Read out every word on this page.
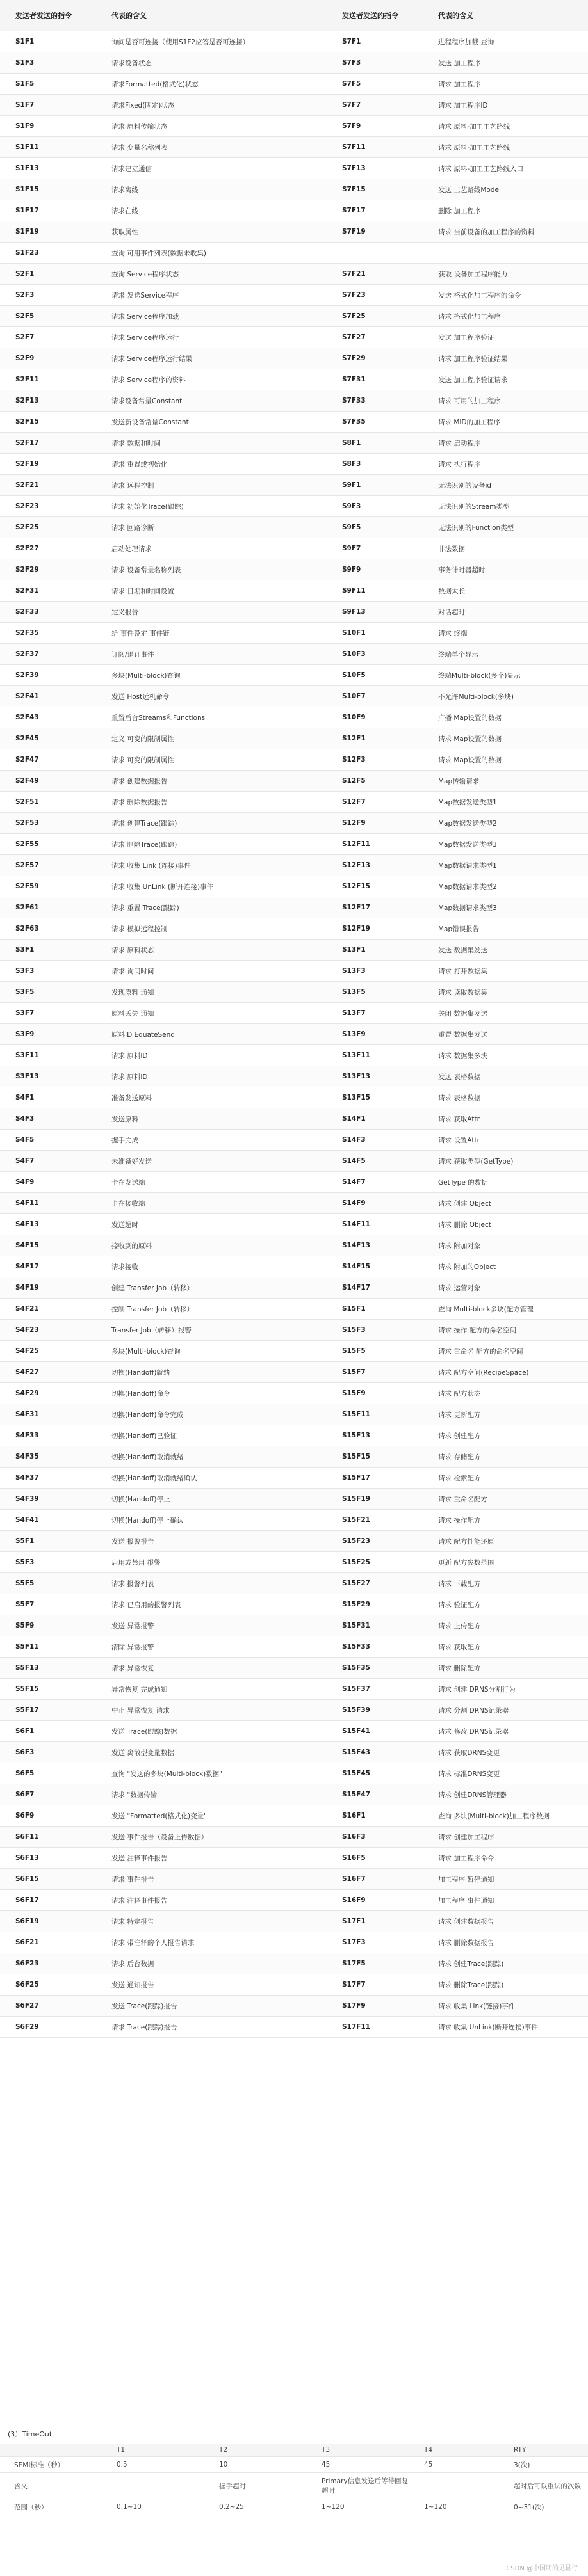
发送者发送的指令	代表的含义	发送者发送的指令	代表的含义
S1F1	询问是否可连接（使用S1F2应答是否可连接）	S7F1	进程程序加载 查询
S1F3	请求设备状态	S7F3	发送 加工程序
S1F5	请求Formatted(格式化)状态	S7F5	请求 加工程序
S1F7	请求Fixed(固定)状态	S7F7	请求 加工程序ID
S1F9	请求 原料传输状态	S7F9	请求 原料-加工工艺路线
S1F11	请求 变量名称列表	S7F11	请求 原料-加工工艺路线
S1F13	请求建立通信	S7F13	请求 原料-加工工艺路线入口
S1F15	请求离线	S7F15	发送 工艺路线Mode
S1F17	请求在线	S7F17	删除 加工程序
S1F19	获取属性	S7F19	请求 当前设备的加工程序的资料
S1F23	查询 可用事件列表(数据未收集)		
S2F1	查询 Service程序状态	S7F21	获取 设备加工程序能力
S2F3	请求 发送Service程序	S7F23	发送 格式化加工程序的命令
S2F5	请求 Service程序加载	S7F25	请求 格式化加工程序
S2F7	请求 Service程序运行	S7F27	发送 加工程序验证
S2F9	请求 Service程序运行结果	S7F29	请求 加工程序验证结果
S2F11	请求 Service程序的资料	S7F31	发送 加工程序验证请求
S2F13	请求设备常量Constant	S7F33	请求 可用的加工程序
S2F15	发送新设备常量Constant	S7F35	请求 MID的加工程序
S2F17	请求 数据和时间	S8F1	请求 启动程序
S2F19	请求 重置或初始化	S8F3	请求 执行程序
S2F21	请求 远程控制	S9F1	无法识别的设备id
S2F23	请求 初始化Trace(跟踪)	S9F3	无法识别的Stream类型
S2F25	请求 回路诊断	S9F5	无法识别的Function类型
S2F27	启动处理请求	S9F7	非法数据
S2F29	请求 设备常量名称列表	S9F9	事务计时器超时
S2F31	请求 日期和时间设置	S9F11	数据太长
S2F33	定义报告	S9F13	对话超时
S2F35	给 事件设定 事件链	S10F1	请求 终端
S2F37	订阅/退订事件	S10F3	终端单个显示
S2F39	多块(Multi-block)查询	S10F5	终端Multi-block(多个)显示
S2F41	发送 Host远机命令	S10F7	不允许Multi-block(多块)
S2F43	重置后台Streams和Functions	S10F9	广播 Map设置的数据
S2F45	定义 可变的限制属性	S12F1	请求 Map设置的数据
S2F47	请求 可变的限制属性	S12F3	请求 Map设置的数据
S2F49	请求 创建数据报告	S12F5	Map传输请求
S2F51	请求 删除数据报告	S12F7	Map数据发送类型1
S2F53	请求 创建Trace(跟踪)	S12F9	Map数据发送类型2
S2F55	请求 删除Trace(跟踪)	S12F11	Map数据发送类型3
S2F57	请求 收集 Link (连接)事件	S12F13	Map数据请求类型1
S2F59	请求 收集 UnLink (断开连接)事件	S12F15	Map数据请求类型2
S2F61	请求 重置 Trace(跟踪)	S12F17	Map数据请求类型3
S2F63	请求 模拟远程控制	S12F19	Map错误报告
S3F1	请求 原料状态	S13F1	发送 数据集发送
S3F3	请求 询问时间	S13F3	请求 打开数据集
S3F5	发现原料 通知	S13F5	请求 读取数据集
S3F7	原料丢失 通知	S13F7	关闭 数据集发送
S3F9	原料ID EquateSend	S13F9	重置 数据集发送
S3F11	请求 原料ID	S13F11	请求 数据集多块
S3F13	请求 原料ID	S13F13	发送 表格数据
S4F1	准备发送原料	S13F15	请求 表格数据
S4F3	发送原料	S14F1	请求 获取Attr
S4F5	握手完成	S14F3	请求 设置Attr
S4F7	未准备好发送	S14F5	请求 获取类型(GetType)
S4F9	卡在发送端	S14F7	GetType 的数据
S4F11	卡在接收端	S14F9	请求 创建 Object
S4F13	发送超时	S14F11	请求 删除 Object
S4F15	接收到的原料	S14F13	请求 附加对象
S4F17	请求接收	S14F15	请求 附加的Object
S4F19	创建 Transfer Job（转移）	S14F17	请求 运营对象
S4F21	控制 Transfer Job（转移）	S15F1	查询 Multi-block多块(配方管理
S4F23	Transfer Job（转移）报警	S15F3	请求 操作 配方的命名空间
S4F25	多块(Multi-block)查询	S15F5	请求 重命名 配方的命名空间
S4F27	切换(Handoff)就绪	S15F7	请求 配方空间(RecipeSpace)
S4F29	切换(Handoff)命令	S15F9	请求 配方状态
S4F31	切换(Handoff)命令完成	S15F11	请求 更新配方
S4F33	切换(Handoff)已验证	S15F13	请求 创建配方
S4F35	切换(Handoff)取消就绪	S15F15	请求 存储配方
S4F37	切换(Handoff)取消就绪确认	S15F17	请求 检索配方
S4F39	切换(Handoff)停止	S15F19	请求 重命名配方
S4F41	切换(Handoff)停止确认	S15F21	请求 操作配方
S5F1	发送 报警报告	S15F23	请求 配方性能还原
S5F3	启用或禁用 报警	S15F25	更新 配方参数范围
S5F5	请求 报警列表	S15F27	请求 下载配方
S5F7	请求 已启用的报警列表	S15F29	请求 验证配方
S5F9	发送 异常报警	S15F31	请求 上传配方
S5F11	清除 异常报警	S15F33	请求 获取配方
S5F13	请求 异常恢复	S15F35	请求 删除配方
S5F15	异常恢复 完成通知	S15F37	请求 创建 DRNS分割行为
S5F17	中止 异常恢复 请求	S15F39	请求 分割 DRNS记录器
S6F1	发送 Trace(跟踪)数据	S15F41	请求 修改 DRNS记录器
S6F3	发送 离散型变量数据	S15F43	请求 获取DRNS变更
S6F5	查询 "发送的多块(Multi-block)数据"	S15F45	请求 标准DRNS变更
S6F7	请求 "数据传输"	S15F47	请求 创建DRNS管理器
S6F9	发送 "Formatted(格式化)变量"	S16F1	查询 多块(Multi-block)加工程序数据
S6F11	发送 事件报告（设备上传数据）	S16F3	请求 创建加工程序
S6F13	发送 注释事件报告	S16F5	请求 加工程序命令
S6F15	请求 事件报告	S16F7	加工程序 暂停通知
S6F17	请求 注释事件报告	S16F9	加工程序 事件通知
S6F19	请求 特定报告	S17F1	请求 创建数据报告
S6F21	请求 带注释的个人报告请求	S17F3	请求 删除数据报告
S6F23	请求 后台数据	S17F5	请求 创建Trace(跟踪)
S6F25	发送 通知报告	S17F7	请求 删除Trace(跟踪)
S6F27	发送 Trace(跟踪)报告	S17F9	请求 收集 Link(链接)事件
S6F29	请求 Trace(跟踪)报告	S17F11	请求 收集 UnLink(断开连接)事件
(3）TimeOut
	T1	T2	T3	T4	RTY
SEMI标准（秒）	0.5	10	45	45	3(次)
含义		握手超时	Primary信息发送后等待回复超时		超时后可以重试的次数
范围（秒）	0.1~10	0.2~25	1~120	1~120	0~31(次)
CSDN @中国明的见显行
